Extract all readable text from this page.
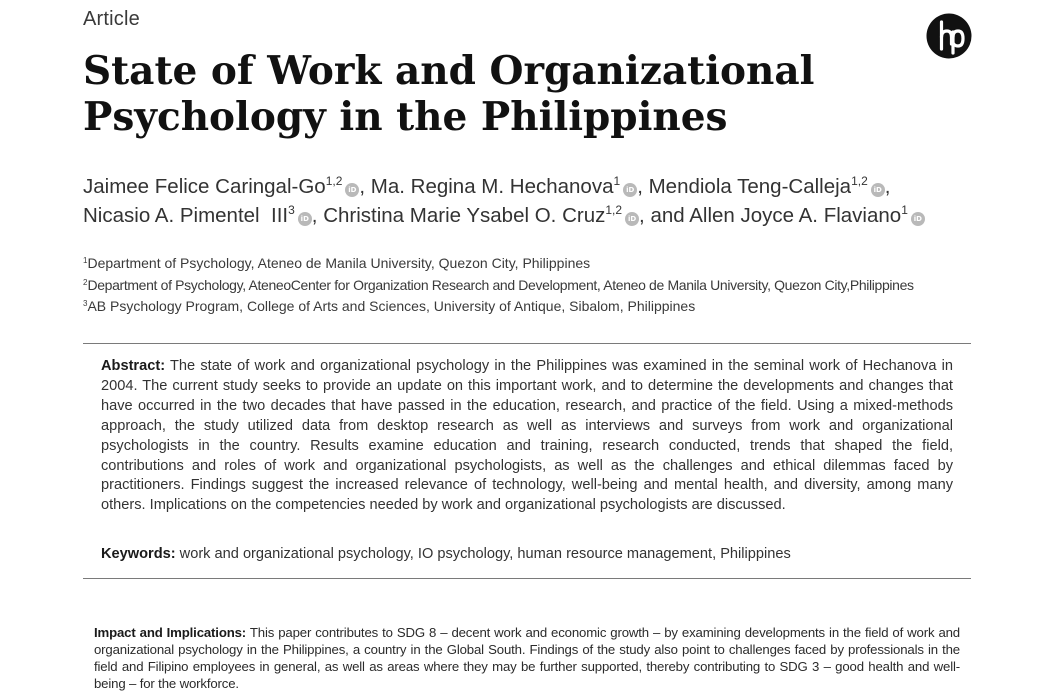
Article
State of Work and Organizational
Psychology in the Philippines
Jaimee Felice Caringal-Go$^{1,2}$iD , Ma. Regina M. Hechanova$^1$iD , Mendiola Teng-Calleja$^{1,2}$iD ,
Nicasio A. Pimentel  III$^3$iD , Christina Marie Ysabel O. Cruz$^{1,2}$iD , and Allen Joyce A. Flaviano$^1$iD
$^1$Department of Psychology, Ateneo de Manila University, Quezon City, Philippines
$^2$Department of Psychology, AteneoCenter for Organization Research and Development, Ateneo de Manila University, Quezon City,Philippines
$^3$AB Psychology Program, College of Arts and Sciences, University of Antique, Sibalom, Philippines

Abstract: The state of work and organizational psychology in the Philippines was examined in the seminal work of Hechanova in 2004. The current study seeks to provide an update on this important work, and to determine the developments and changes that have occurred in the two decades that have passed in the education, research, and practice of the field. Using a mixed-methods approach, the study utilized data from desktop research as well as interviews and surveys from work and organizational psychologists in the country. Results examine education and training, research conducted, trends that shaped the field, contributions and roles of work and organizational psychologists, as well as the challenges and ethical dilemmas faced by practitioners. Findings suggest the increased relevance of technology, well-being and mental health, and diversity, among many others. Implications on the competencies needed by work and organizational psychologists are discussed.

Keywords: work and organizational psychology, IO psychology, human resource management, Philippines

Impact and Implications: This paper contributes to SDG 8 – decent work and economic growth – by examining developments in the field of work and organizational psychology in the Philippines, a country in the Global South. Findings of the study also point to challenges faced by professionals in the field and Filipino employees in general, as well as areas where they may be further supported, thereby contributing to SDG 3 – good health and well-being – for the workforce.
